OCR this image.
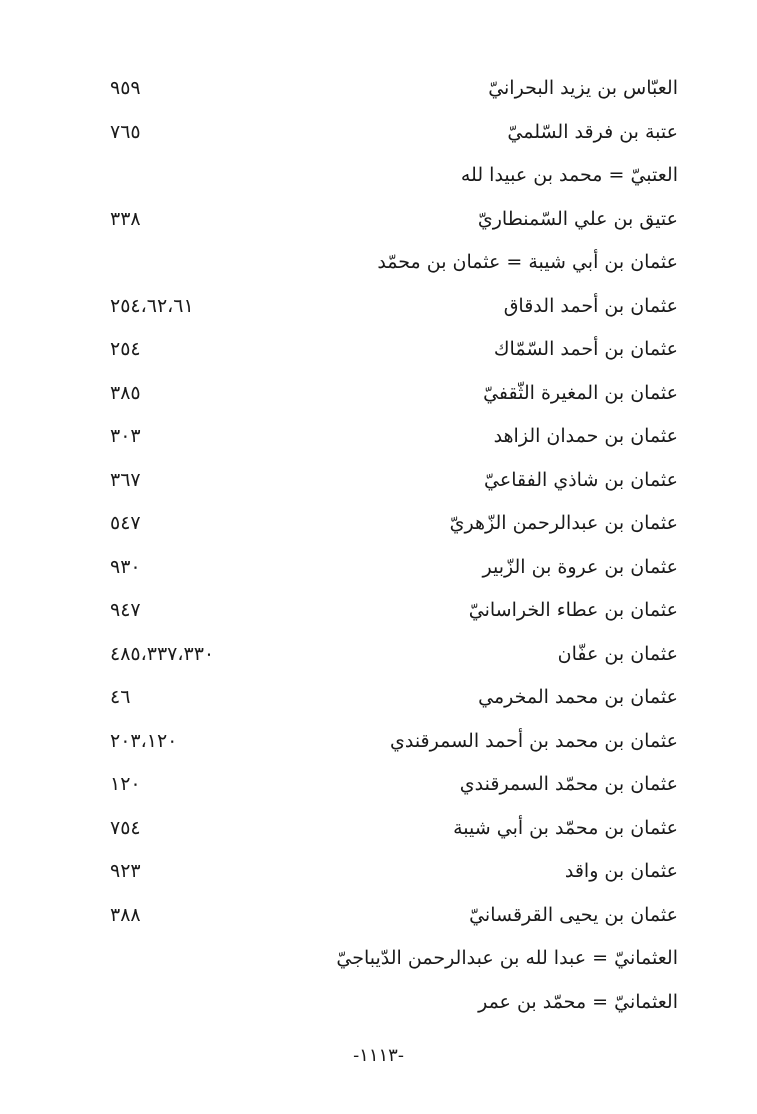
العبّاس بن يزيد البحرانيّ
٩٥٩
عتبة بن فرقد السّلميّ
٧٦٥
العتبيّ = محمد بن عبيدا لله
عتيق بن علي السّمنطاريّ
٣٣٨
عثمان بن أبي شيبة = عثمان بن محمّد
عثمان بن أحمد الدقاق
٢٥٤،٦٢،٦١
عثمان بن أحمد السّمّاك
٢٥٤
عثمان بن المغيرة الثّقفيّ
٣٨٥
عثمان بن حمدان الزاهد
٣٠٣
عثمان بن شاذي الفقاعيّ
٣٦٧
عثمان بن عبدالرحمن الزّهريّ
٥٤٧
عثمان بن عروة بن الزّبير
٩٣٠
عثمان بن عطاء الخراسانيّ
٩٤٧
عثمان بن عفّان
٤٨٥،٣٣٧،٣٣٠
عثمان بن محمد المخرمي
٤٦
عثمان بن محمد بن أحمد السمرقندي
٢٠٣،١٢٠
عثمان بن محمّد السمرقندي
١٢٠
عثمان بن محمّد بن أبي شيبة
٧٥٤
عثمان بن واقد
٩٢٣
عثمان بن يحيى القرقسانيّ
٣٨٨
العثمانيّ = عبدا لله بن عبدالرحمن الدّيباجيّ
العثمانيّ = محمّد بن عمر
-١١١٣-
